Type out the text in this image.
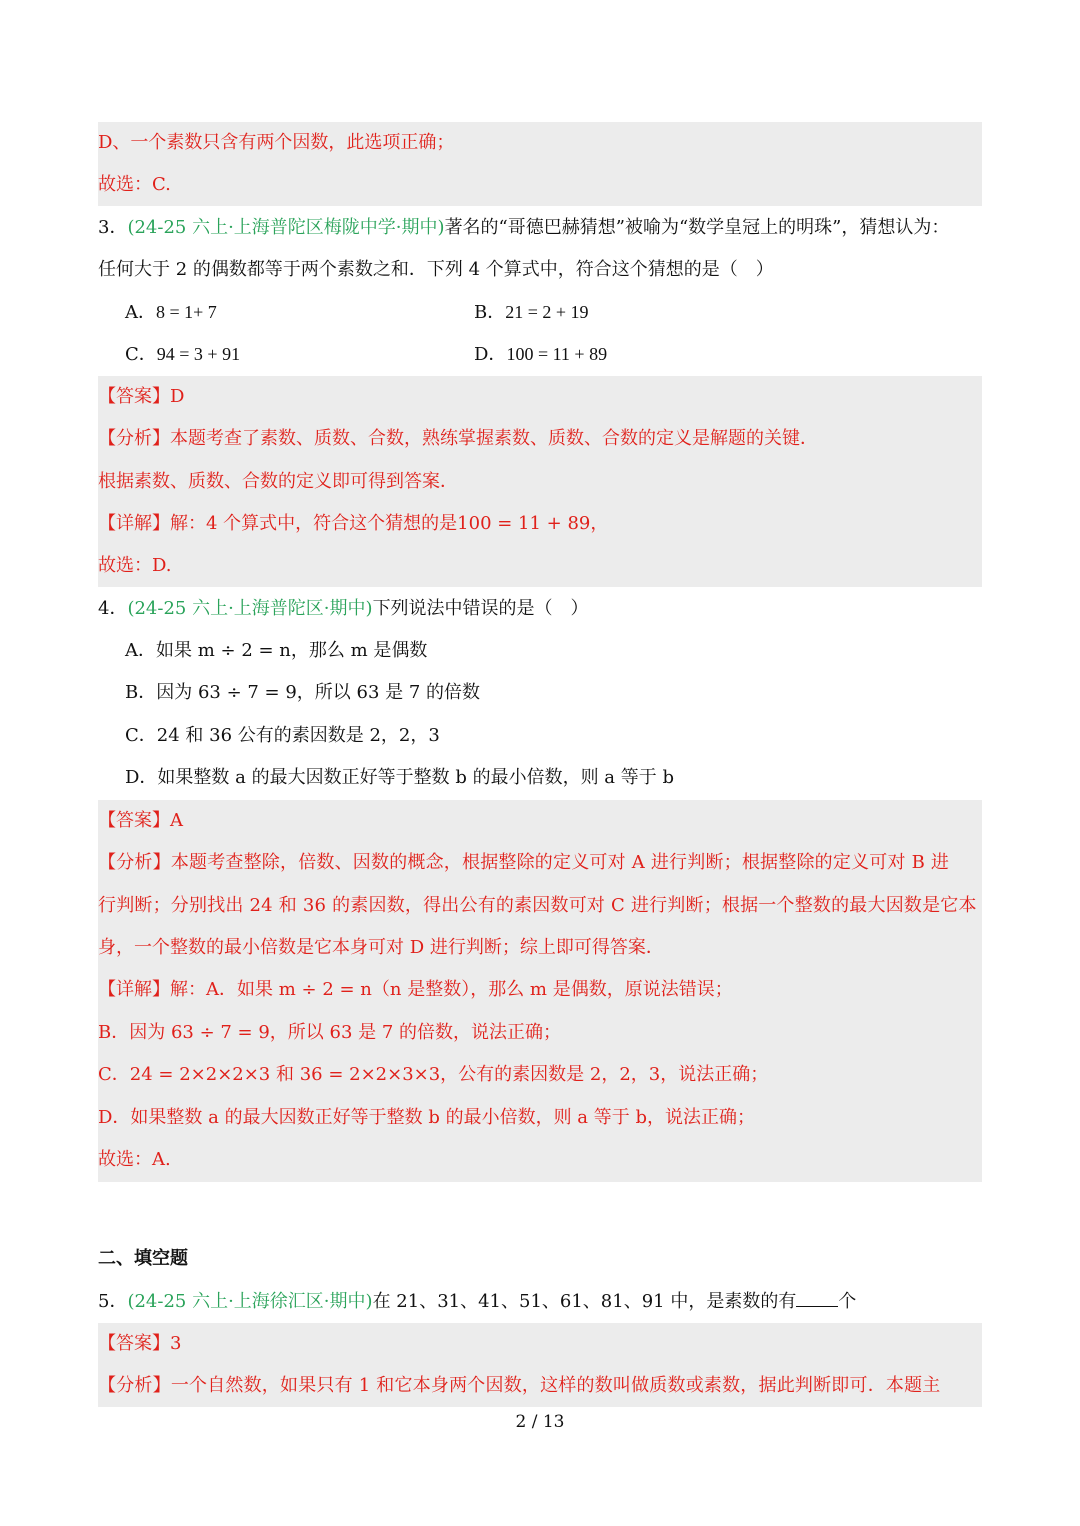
D、一个素数只含有两个因数，此选项正确；
故选：C.
3．(24-25 六上·上海普陀区梅陇中学·期中)著名的“哥德巴赫猜想”被喻为“数学皇冠上的明珠”，猜想认为：
任何大于 2 的偶数都等于两个素数之和．下列 4 个算式中，符合这个猜想的是（　）
A．8 = 1+ 7	B．21 = 2 + 19
C．94 = 3 + 91	D．100 = 11 + 89
【答案】D
【分析】本题考查了素数、质数、合数，熟练掌握素数、质数、合数的定义是解题的关键．
根据素数、质数、合数的定义即可得到答案．
【详解】解：4 个算式中，符合这个猜想的是100 = 11 + 89，
故选：D.
4．(24-25 六上·上海普陀区·期中)下列说法中错误的是（　）
A．如果 m ÷ 2 = n，那么 m 是偶数
B．因为 63 ÷ 7 = 9，所以 63 是 7 的倍数
C．24 和 36 公有的素因数是 2，2，3
D．如果整数 a 的最大因数正好等于整数 b 的最小倍数，则 a 等于 b
【答案】A
【分析】本题考查整除，倍数、因数的概念，根据整除的定义可对 A 进行判断；根据整除的定义可对 B 进
行判断；分别找出 24 和 36 的素因数，得出公有的素因数可对 C 进行判断；根据一个整数的最大因数是它本
身，一个整数的最小倍数是它本身可对 D 进行判断；综上即可得答案．
【详解】解：A．如果 m ÷ 2 = n（n 是整数），那么 m 是偶数，原说法错误；
B．因为 63 ÷ 7 = 9，所以 63 是 7 的倍数，说法正确；
C．24 = 2×2×2×3 和 36 = 2×2×3×3，公有的素因数是 2，2，3，说法正确；
D．如果整数 a 的最大因数正好等于整数 b 的最小倍数，则 a 等于 b，说法正确；
故选：A.
二、填空题
5．(24-25 六上·上海徐汇区·期中)在 21、31、41、51、61、81、91 中，是素数的有 个
【答案】3
【分析】一个自然数，如果只有 1 和它本身两个因数，这样的数叫做质数或素数，据此判断即可．本题主
2 / 13
